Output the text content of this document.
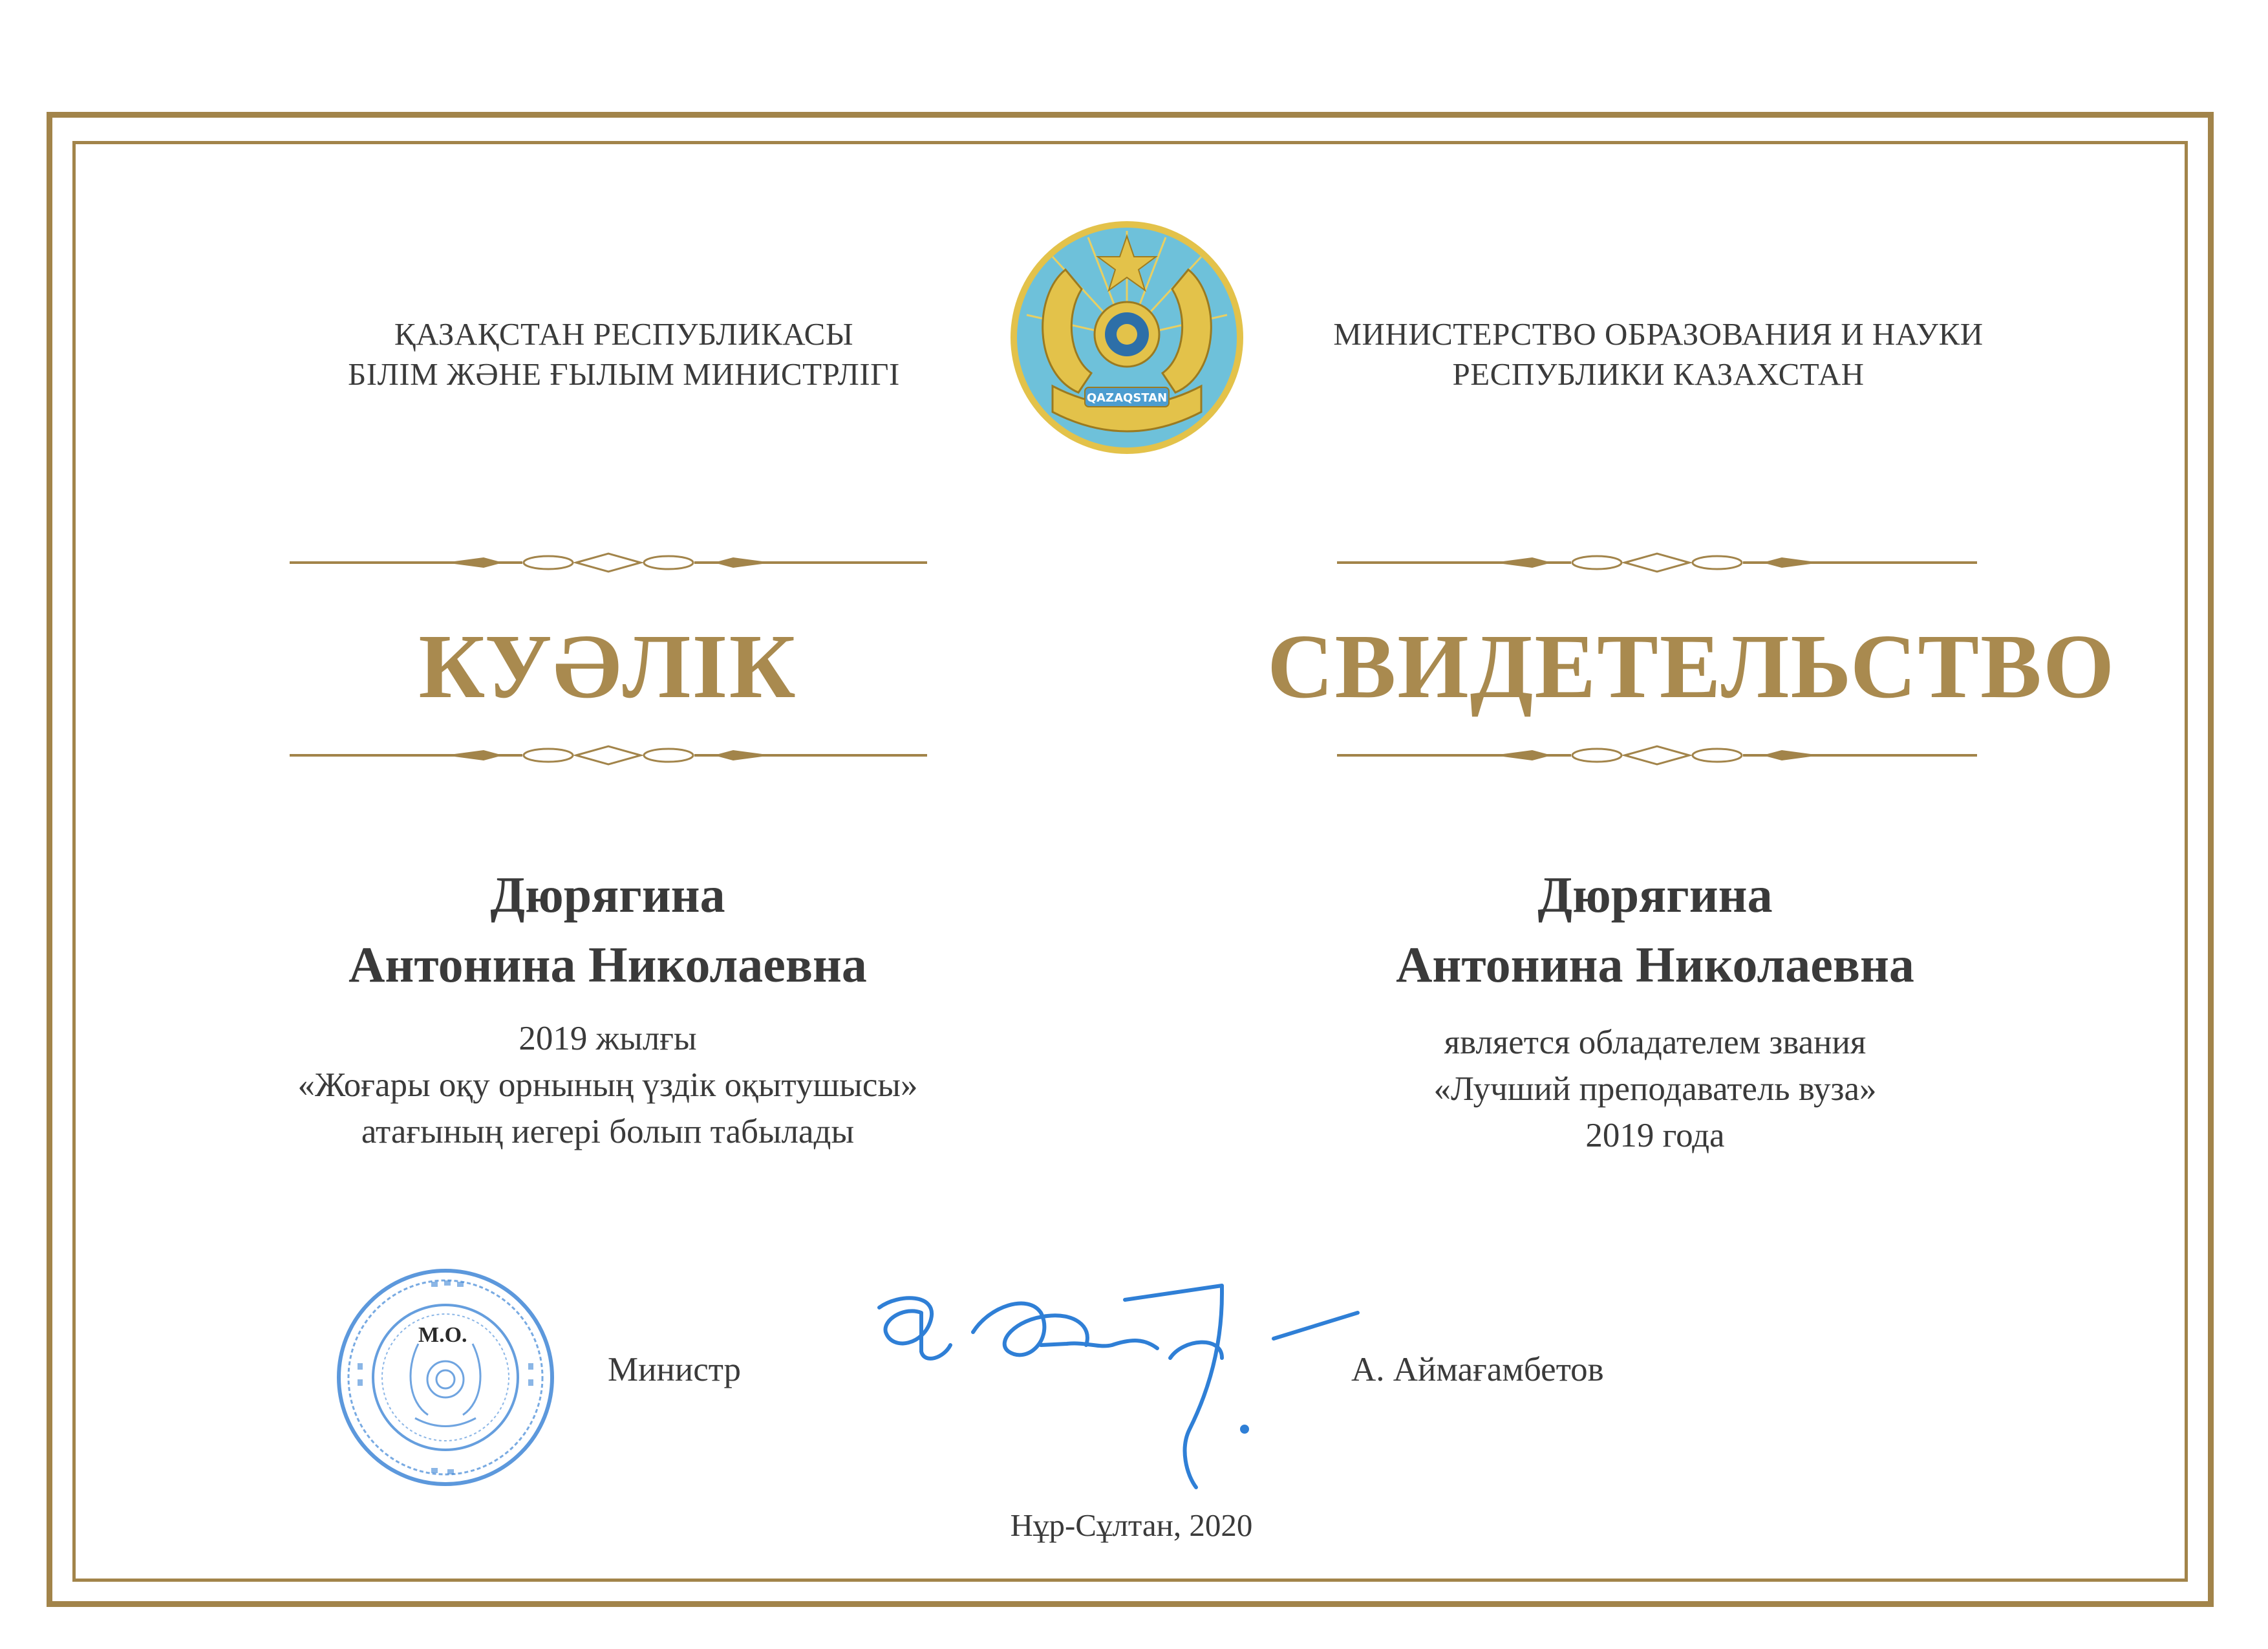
ҚАЗАҚСТАН РЕСПУБЛИКАСЫ
БІЛІМ ЖӘНЕ ҒЫЛЫМ МИНИСТРЛІГІ
МИНИСТЕРСТВО ОБРАЗОВАНИЯ И НАУКИ
РЕСПУБЛИКИ КАЗАХСТАН
QAZAQSTAN
КУӘЛІК	СВИДЕТЕЛЬСТВО
Дюрягина
Антонина Николаевна
Дюрягина
Антонина Николаевна
2019 жылғы
«Жоғары оқу орнының үздік оқытушысы»
атағының иегері болып табылады
является обладателем звания
«Лучший преподаватель вуза»
2019 года
М.О.
Министр	А. Аймағамбетов
Нұр-Сұлтан, 2020
